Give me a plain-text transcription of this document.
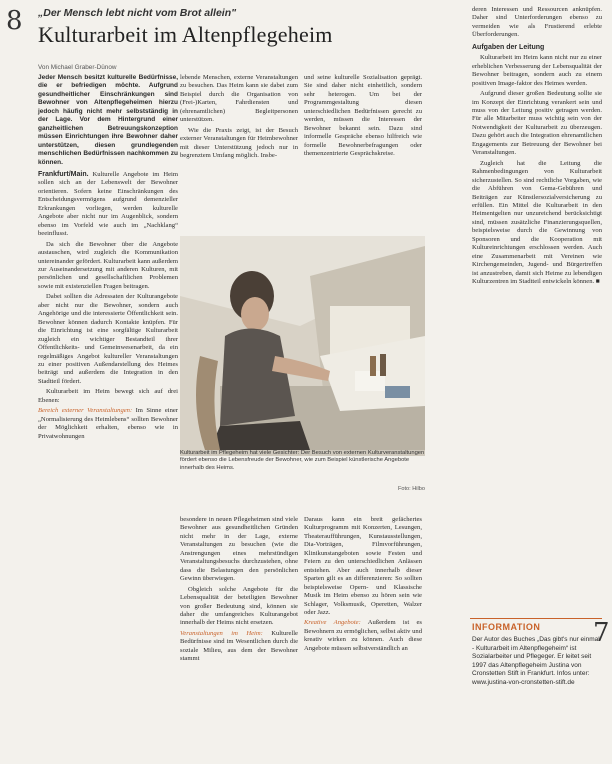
8 „Der Mensch lebt nicht vom Brot allein"
Kulturarbeit im Altenpflegeheim
Von Michael Graber-Dünow

Jeder Mensch besitzt kulturelle Bedürfnisse, die er befriedigen möchte. Aufgrund gesundheitlicher Einschränkungen sind Bewohner von Altenpflegeheimen hierzu jedoch häufig nicht mehr selbstständig in der Lage. Vor dem Hintergrund einer ganzheitlichen Betreuungskonzeption müssen Einrichtungen ihre Bewohner daher unterstützen, diesen grundlegenden menschlichen Bedürfnissen nachkommen zu können.

Frankfurt/Main. Kulturelle Angebote im Heim sollen sich an der Lebenswelt der Bewohner orientieren. Sofern keine Einschränkungen des Entscheidungsvermögens aufgrund demenzieller Erkrankungen vorliegen, werden kulturelle Angebote aber nicht nur im Augenblick, sondern ebenso im Vorfeld wie auch im „Nachklang“ beeinflusst.

Da sich die Bewohner über die Angebote austauschen, wird zugleich die Kommunikation untereinander gefördert. Kulturarbeit kann außerdem zur Auseinandersetzung mit anderen Kulturen, mit persönlichen und gesellschaftlichen Problemen sowie mit existenziellen Fragen beitragen.

Dabei sollten die Adressaten der Kulturangebote aber nicht nur die Bewohner, sondern auch Angehörige und die interessierte Öffentlichkeit sein. Bewohner können dadurch Kontakte knüpfen. Für die Einrichtung ist eine sorgfältige Kulturarbeit zugleich ein wichtiger Bestandteil ihrer Öffentlichkeits- und Gemeinwesenarbeit, da ein regelmäßiges Angebot kultureller Veranstaltungen zu einer positiven Außendarstellung des Heimes beiträgt und außerdem die Integration in den Stadtteil fördert.

Kulturarbeit im Heim bewegt sich auf drei Ebenen:

Bereich externer Veranstaltungen: Im Sinne einer „Normalisierung des Heimlebens“ sollten Bewohner der Möglichkeit erhalten, ebenso wie in Privatwohnungen

lebende Menschen, externe Veranstaltungen zu besuchen. Das Heim kann sie dabei zum Beispiel durch die Organisation von (Frei-)Karten, Fahrdiensten und (ehrenamtlichen) Begleitpersonen unterstützen.

Wie die Praxis zeigt, ist der Besuch externer Veranstaltungen für Heimbewohner mit dieser Unterstützung jedoch nur in begrenztem Umfang möglich. Insbe-

und seine kulturelle Sozialisation geprägt. Sie sind daher nicht einheitlich, sondern sehr heterogen. Um bei der Programmgestaltung diesen unterschiedlichen Bedürfnissen gerecht zu werden, müssen die Interessen der Bewohner bekannt sein. Dazu sind informelle Gespräche ebenso hilfreich wie formelle Bewohnerbefragungen oder themenzentrierte Gesprächskreise.

Kulturarbeit im Pflegeheim hat viele Gesichter: Der Besuch von externen Kulturveranstaltungen fördert ebenso die Lebensfreude der Bewohner, wie zum Beispiel künstlerische Angebote innerhalb des Heims.
Foto: Hilbo

besondere in neuen Pflegeheimen sind viele Bewohner aus gesundheitlichen Gründen nicht mehr in der Lage, externe Veranstaltungen zu besuchen (wie die Anstrengungen eines mehrstündigen Veranstaltungsbesuchs durchzustehen, ohne dass die Belastungen den persönlichen Gewinn überwiegen.

Obgleich solche Angebote für die Lebensqualität der beteiligten Bewohner von großer Bedeutung sind, können sie daher die umfangreiches Kulturangebot innerhalb der Heims nicht ersetzen.

Veranstaltungen im Heim: Kulturelle Bedürfnisse sind im Wesentlichen durch die soziale Milieu, aus dem der Bewohner stammt

Daraus kann ein breit gefächertes Kulturprogramm mit Konzerten, Lesungen, Theateraufführungen, Kunstausstellungen, Dia-Vorträgen, Filmvorführungen, Klinikunstangeboten sowie Festen und Feiern zu den unterschiedlichen Anlässen entstehen. Aber auch innerhalb dieser Sparten gilt es an differenzieren: So sollten beispielsweise Opern- und Klassische Musik im Heim ebenso zu hören sein wie Schlager, Volksmusik, Operetten, Walzer oder Jazz.

Kreative Angebote: Außerdem ist es Bewohnern zu ermöglichen, selbst aktiv und kreativ wirken zu können. Auch diese Angebote müssen selbstverständlich an

deren Interessen und Ressourcen anknüpfen. Daher sind Unterforderungen ebenso zu vermeiden wie als Frustierend erlebte Überforderungen.

Aufgaben der Leitung

Kulturarbeit im Heim kann nicht nur zu einer erheblichen Verbesserung der Lebensqualität der Bewohner beitragen, sondern auch zu einem positiven Image-faktor des Heimes werden.

Aufgrund dieser großen Bedeutung sollte sie im Konzept der Einrichtung verankert sein und muss von der Leitung positiv getragen werden. Für alle Mitarbeiter muss wichtig sein von der Notwendigkeit der Kulturarbeit zu überzeugen. Dazu gehört auch die Integration ehrenamtlichen Engagements zur Betreuung der Bewohner bei Veranstaltungen.

Zugleich hat die Leitung die Rahmenbedingungen von Kulturarbeit sicherzustellen. So sind rechtliche Vorgaben, wie die Abführen von Gema-Gebühren und Beiträgen zur Künstlersozialversicherung zu erfüllen. Ein Mittel die Kulturarbeit in den Heimentgelten nur unzureichend berücksichtigt sind, müssen zusätzliche Finanzierungsquellen, beispielsweise durch die Gewinnung von Sponsoren und die Kooperation mit Kultureinrichtungen erschlossen werden. Auch eine Zusammenarbeit mit Vereinen wie Kirchengemeinden, Jugend- und Bürgertreffen ist anzustreben, damit sich Heime zu lebendigen Kulturzentren im Stadtteil entwickeln können. ■

INFORMATION 7
Der Autor des Buches „Das gibt's nur einmal - Kulturarbeit im Altenpflegeheim“ ist Sozialarbeiter und Pflegeger. Er leitet seit 1997 das Altenpflegeheim Justina von Cronstetten Stift in Frankfurt. Infos unter: www.justina-von-cronstetten-stift.de
